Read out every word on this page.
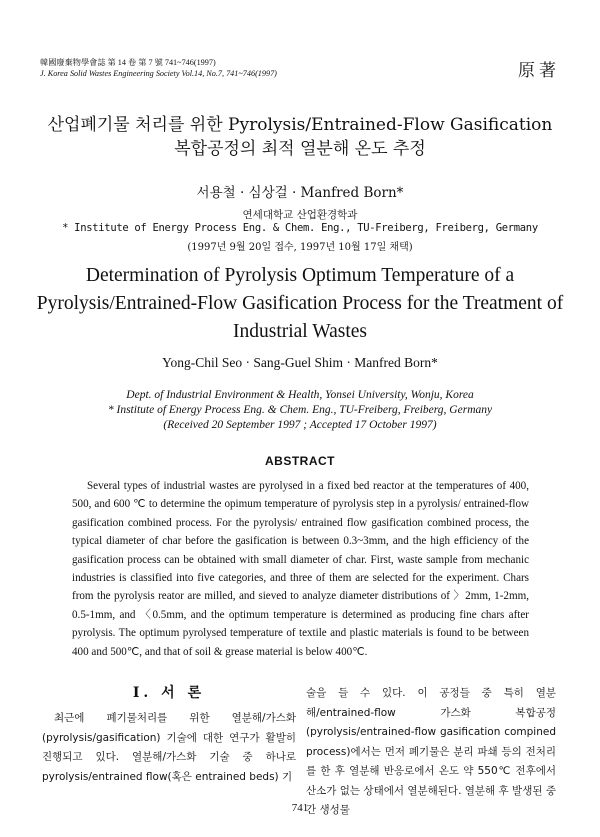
韓國廢棄物學會誌 第 14 卷 第 7 號 741~746(1997)
J. Korea Solid Wastes Engineering Society Vol.14, No.7, 741~746(1997)	原著
산업폐기물 처리를 위한 Pyrolysis/Entrained-Flow Gasification
복합공정의 최적 열분해 온도 추정
서용철 · 심상걸 · Manfred Born*
연세대학교 산업환경학과
* Institute of Energy Process Eng. & Chem. Eng., TU-Freiberg, Freiberg, Germany
(1997년 9월 20일 접수, 1997년 10월 17일 채택)
Determination of Pyrolysis Optimum Temperature of a
Pyrolysis/Entrained-Flow Gasification Process for the Treatment of
Industrial Wastes
Yong-Chil Seo · Sang-Guel Shim · Manfred Born*
Dept. of Industrial Environment & Health, Yonsei University, Wonju, Korea
* Institute of Energy Process Eng. & Chem. Eng., TU-Freiberg, Freiberg, Germany
(Received 20 September 1997 ; Accepted 17 October 1997)
ABSTRACT
Several types of industrial wastes are pyrolysed in a fixed bed reactor at the temperatures of 400, 500, and 600 ℃ to determine the opimum temperature of pyrolysis step in a pyrolysis/ entrained-flow gasification combined process. For the pyrolysis/ entrained flow gasification combined process, the typical diameter of char before the gasification is between 0.3~3mm, and the high efficiency of the gasification process can be obtained with small diameter of char. First, waste sample from mechanic industries is classified into five categories, and three of them are selected for the experiment. Chars from the pyrolysis reator are milled, and sieved to analyze diameter distributions of 〉2mm, 1-2mm, 0.5-1mm, and 〈0.5mm, and the optimum temperature is determined as producing fine chars after pyrolysis. The optimum pyrolysed temperature of textile and plastic materials is found to be between 400 and 500℃, and that of soil & grease material is below 400℃.
Ⅰ. 서 론
최근에 폐기물처리를 위한 열분해/가스화(pyrolysis/gasification) 기술에 대한 연구가 활발히 진행되고 있다. 열분해/가스화 기술 중 하나로 pyrolysis/entrained flow(혹은 entrained beds) 기
술을 들 수 있다. 이 공정들 중 특히 열분해/entrained-flow 가스화 복합공정(pyrolysis/entrained-flow gasification compined process)에서는 먼저 폐기물은 분리 파쇄 등의 전처리를 한 후 열분해 반응로에서 온도 약 550℃ 전후에서 산소가 없는 상태에서 열분해된다. 열분해 후 발생된 중간 생성물
741
